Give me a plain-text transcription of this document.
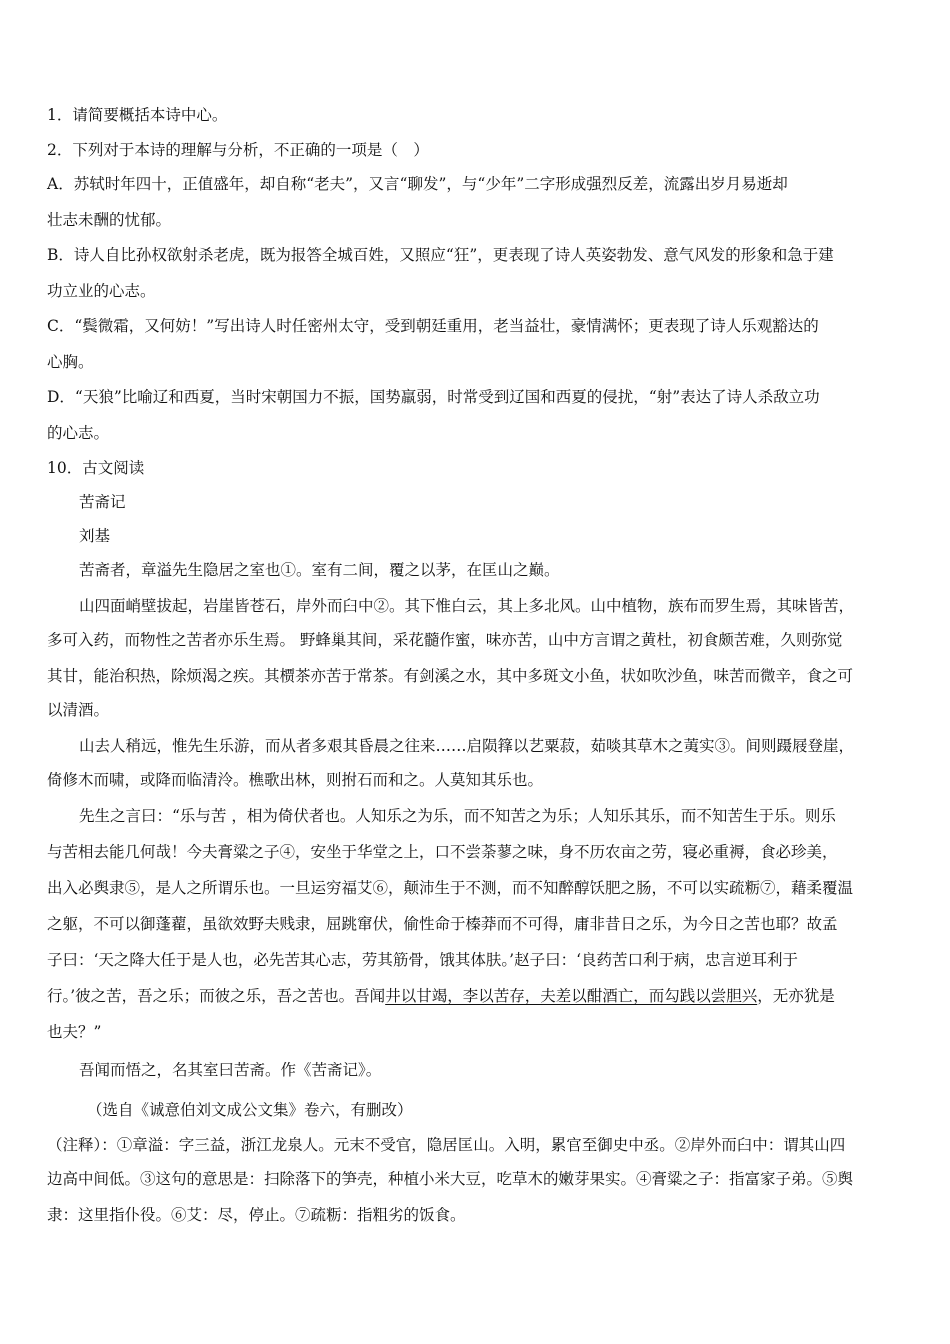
1．请简要概括本诗中心。
2．下列对于本诗的理解与分析，不正确的一项是（　）
A．苏轼时年四十，正值盛年，却自称“老夫”，又言“聊发”，与“少年”二字形成强烈反差，流露出岁月易逝却
壮志未酬的忧郁。
B．诗人自比孙权欲射杀老虎，既为报答全城百姓，又照应“狂”，更表现了诗人英姿勃发、意气风发的形象和急于建
功立业的心志。
C．“鬓微霜，又何妨！”写出诗人时任密州太守，受到朝廷重用，老当益壮，豪情满怀；更表现了诗人乐观豁达的
心胸。
D．“天狼”比喻辽和西夏，当时宋朝国力不振，国势羸弱，时常受到辽国和西夏的侵扰，“射”表达了诗人杀敌立功
的心志。
10．古文阅读
苦斋记
刘基
苦斋者，章溢先生隐居之室也①。室有二间，覆之以茅，在匡山之巅。
山四面峭壁拔起，岩崖皆苍石，岸外而臼中②。其下惟白云，其上多北风。山中植物，族布而罗生焉，其味皆苦，
多可入药，而物性之苦者亦乐生焉。 野蜂巢其间，采花髓作蜜，味亦苦，山中方言谓之黄杜，初食颇苦难，久则弥觉
其甘，能治积热，除烦渴之疾。其槚茶亦苦于常茶。有剑溪之水，其中多斑文小鱼，状如吹沙鱼，味苦而微辛，食之可
以清酒。
山去人稍远，惟先生乐游，而从者多艰其昏晨之往来……启陨箨以艺粟菽，茹啖其草木之荑实③。间则蹑屐登崖，
倚修木而啸，或降而临清泠。樵歌出林，则拊石而和之。人莫知其乐也。
先生之言曰：“乐与苦 ，相为倚伏者也。人知乐之为乐，而不知苦之为乐；人知乐其乐，而不知苦生于乐。则乐
与苦相去能几何哉！今夫膏粱之子④，安坐于华堂之上，口不尝荼蓼之味，身不历农亩之劳，寝必重褥，食必珍美，
出入必舆隶⑤，是人之所谓乐也。一旦运穷福艾⑥，颠沛生于不测，而不知醉醇饫肥之肠，不可以实疏粝⑦，藉柔覆温
之躯，不可以御蓬藋，虽欲效野夫贱隶，屈跳窜伏，偷性命于榛莽而不可得，庸非昔日之乐，为今日之苦也耶？故孟
子曰：‘天之降大任于是人也，必先苦其心志，劳其筋骨，饿其体肤。’赵子曰：‘良药苦口利于病，忠言逆耳利于
行。’彼之苦，吾之乐；而彼之乐，吾之苦也。吾闻井以甘竭，李以苦存，夫差以酣酒亡，而勾践以尝胆兴，无亦犹是
也夫？”
吾闻而悟之，名其室曰苦斋。作《苦斋记》。
（选自《诚意伯刘文成公文集》卷六，有删改）
（注释）：①章溢：字三益，浙江龙泉人。元末不受官，隐居匡山。入明，累官至御史中丞。②岸外而臼中：谓其山四
边高中间低。③这句的意思是：扫除落下的笋壳，种植小米大豆，吃草木的嫩芽果实。④膏粱之子：指富家子弟。⑤舆
隶：这里指仆役。⑥艾：尽，停止。⑦疏粝：指粗劣的饭食。
